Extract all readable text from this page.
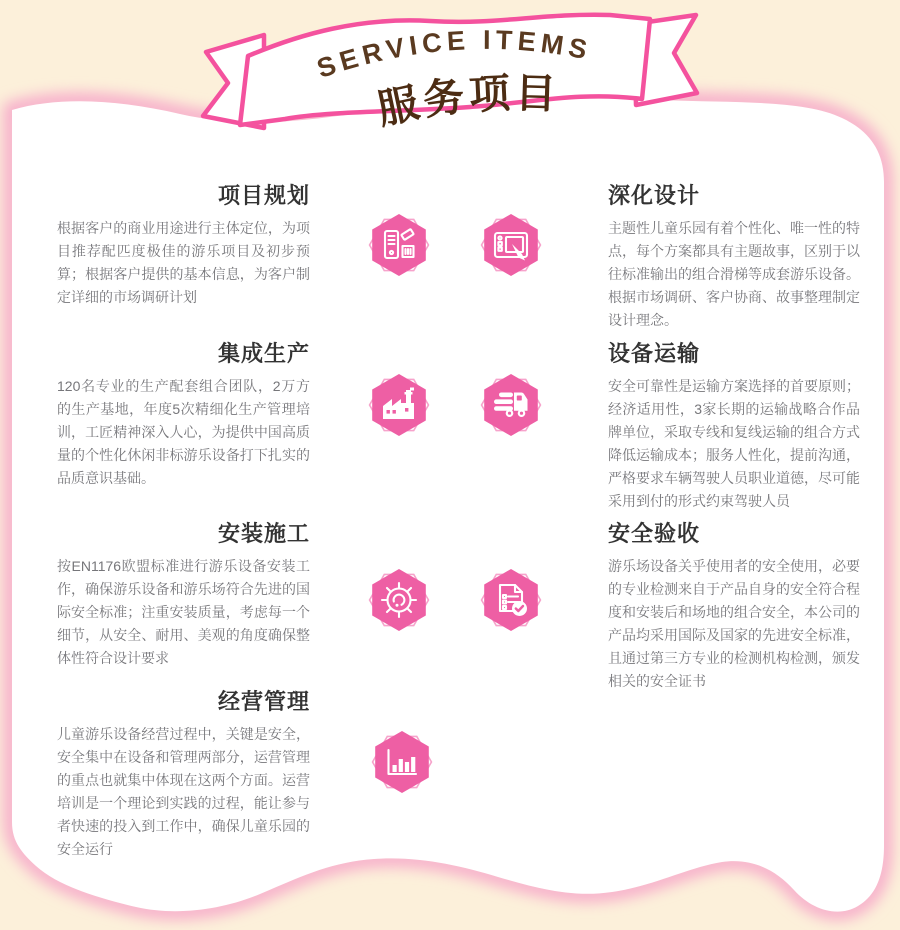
SERVICE ITEMS
服务项目
项目规划

根据客户的商业用途进行主体定位，为项目推荐配匹度极佳的游乐项目及初步预算；根据客户提供的基本信息，为客户制定详细的市场调研计划

深化设计

主题性儿童乐园有着个性化、唯一性的特点，每个方案都具有主题故事，区别于以往标准输出的组合滑梯等成套游乐设备。根据市场调研、客户协商、故事整理制定设计理念。

集成生产

120名专业的生产配套组合团队，2万方的生产基地，年度5次精细化生产管理培训，工匠精神深入人心，为提供中国高质量的个性化休闲非标游乐设备打下扎实的品质意识基础。

设备运输

安全可靠性是运输方案选择的首要原则；经济适用性，3家长期的运输战略合作品牌单位，采取专线和复线运输的组合方式降低运输成本；服务人性化，提前沟通，严格要求车辆驾驶人员职业道德，尽可能采用到付的形式约束驾驶人员

安装施工

按EN1176欧盟标准进行游乐设备安装工作，确保游乐设备和游乐场符合先进的国际安全标准；注重安装质量，考虑每一个细节，从安全、耐用、美观的角度确保整体性符合设计要求

安全验收

游乐场设备关乎使用者的安全使用，必要的专业检测来自于产品自身的安全符合程度和安装后和场地的组合安全，本公司的产品均采用国际及国家的先进安全标准，且通过第三方专业的检测机构检测，颁发相关的安全证书

经营管理

儿童游乐设备经营过程中，关键是安全，安全集中在设备和管理两部分，运营管理的重点也就集中体现在这两个方面。运营培训是一个理论到实践的过程，能让参与者快速的投入到工作中，确保儿童乐园的安全运行
